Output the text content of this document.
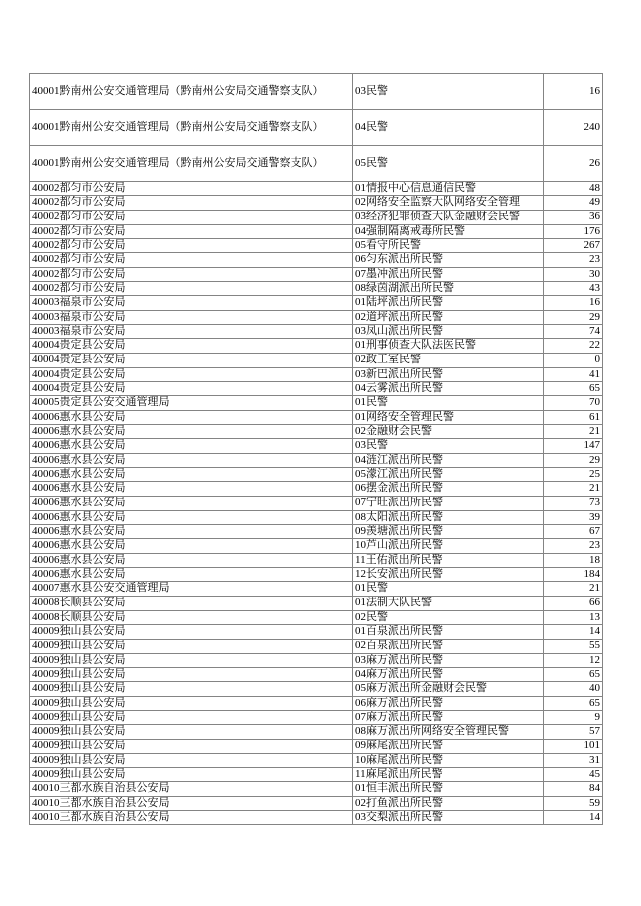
40001黔南州公安交通管理局（黔南州公安局交通警察支队）	03民警	16
40001黔南州公安交通管理局（黔南州公安局交通警察支队）	04民警	240
40001黔南州公安交通管理局（黔南州公安局交通警察支队）	05民警	26
40002都匀市公安局	01情报中心信息通信民警	48
40002都匀市公安局	02网络安全监察大队网络安全管理	49
40002都匀市公安局	03经济犯罪侦查大队金融财会民警	36
40002都匀市公安局	04强制隔离戒毒所民警	176
40002都匀市公安局	05看守所民警	267
40002都匀市公安局	06匀东派出所民警	23
40002都匀市公安局	07墨冲派出所民警	30
40002都匀市公安局	08绿茵湖派出所民警	43
40003福泉市公安局	01陆坪派出所民警	16
40003福泉市公安局	02道坪派出所民警	29
40003福泉市公安局	03凤山派出所民警	74
40004贵定县公安局	01刑事侦查大队法医民警	22
40004贵定县公安局	02政工室民警	0
40004贵定县公安局	03新巴派出所民警	41
40004贵定县公安局	04云雾派出所民警	65
40005贵定县公安交通管理局	01民警	70
40006惠水县公安局	01网络安全管理民警	61
40006惠水县公安局	02金融财会民警	21
40006惠水县公安局	03民警	147
40006惠水县公安局	04涟江派出所民警	29
40006惠水县公安局	05濛江派出所民警	25
40006惠水县公安局	06摆金派出所民警	21
40006惠水县公安局	07宁旺派出所民警	73
40006惠水县公安局	08太阳派出所民警	39
40006惠水县公安局	09羡塘派出所民警	67
40006惠水县公安局	10芦山派出所民警	23
40006惠水县公安局	11王佑派出所民警	18
40006惠水县公安局	12长安派出所民警	184
40007惠水县公安交通管理局	01民警	21
40008长顺县公安局	01法制大队民警	66
40008长顺县公安局	02民警	13
40009独山县公安局	01百泉派出所民警	14
40009独山县公安局	02百泉派出所民警	55
40009独山县公安局	03麻万派出所民警	12
40009独山县公安局	04麻万派出所民警	65
40009独山县公安局	05麻万派出所金融财会民警	40
40009独山县公安局	06麻万派出所民警	65
40009独山县公安局	07麻万派出所民警	9
40009独山县公安局	08麻万派出所网络安全管理民警	57
40009独山县公安局	09麻尾派出所民警	101
40009独山县公安局	10麻尾派出所民警	31
40009独山县公安局	11麻尾派出所民警	45
40010三都水族自治县公安局	01恒丰派出所民警	84
40010三都水族自治县公安局	02打鱼派出所民警	59
40010三都水族自治县公安局	03交梨派出所民警	14
